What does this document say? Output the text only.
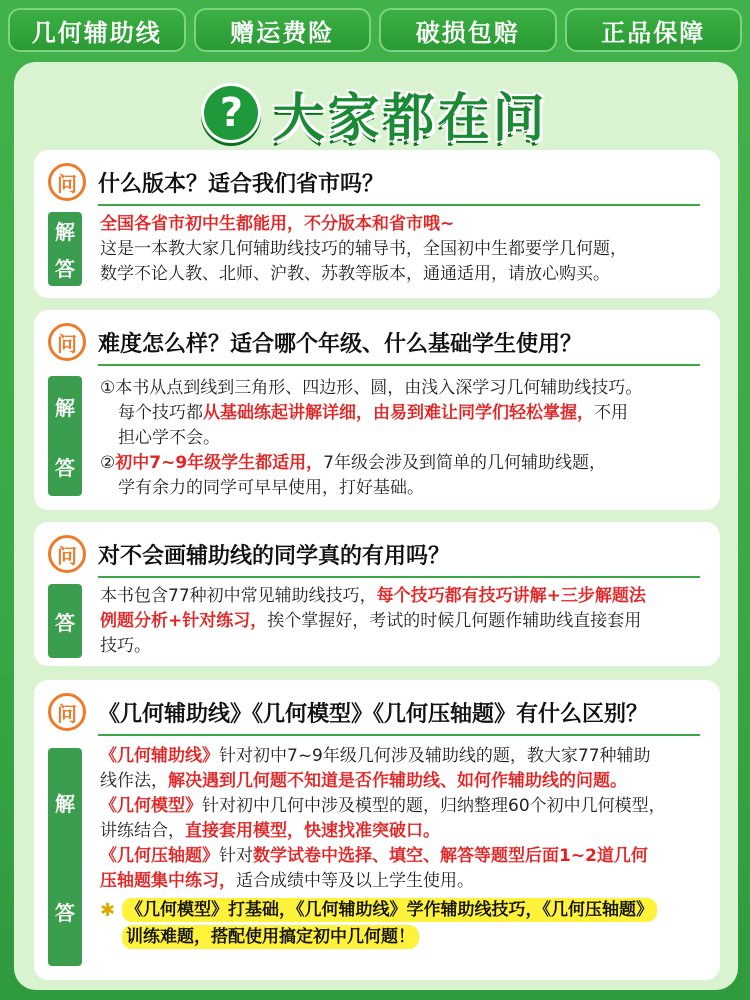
几何辅助线	赠运费险	破损包赔	正品保障
? 大家都在问
问 什么版本？适合我们省市吗？
解
答
全国各省市初中生都能用，不分版本和省市哦~
这是一本教大家几何辅助线技巧的辅导书，全国初中生都要学几何题，
数学不论人教、北师、沪教、苏教等版本，通通适用，请放心购买。
问 难度怎么样？适合哪个年级、什么基础学生使用？
解
答
①本书从点到线到三角形、四边形、圆，由浅入深学习几何辅助线技巧。
每个技巧都从基础练起讲解详细，由易到难让同学们轻松掌握，不用
担心学不会。
②初中7~9年级学生都适用，7年级会涉及到简单的几何辅助线题，
学有余力的同学可早早使用，打好基础。
问 对不会画辅助线的同学真的有用吗？
答
本书包含77种初中常见辅助线技巧，每个技巧都有技巧讲解+三步解题法
例题分析+针对练习，挨个掌握好，考试的时候几何题作辅助线直接套用
技巧。
问 《几何辅助线》《几何模型》《几何压轴题》有什么区别？
解
答
《几何辅助线》针对初中7~9年级几何涉及辅助线的题，教大家77种辅助
线作法，解决遇到几何题不知道是否作辅助线、如何作辅助线的问题。
《几何模型》针对初中几何中涉及模型的题，归纳整理60个初中几何模型，
讲练结合，直接套用模型，快速找准突破口。
《几何压轴题》针对数学试卷中选择、填空、解答等题型后面1~2道几何
压轴题集中练习，适合成绩中等及以上学生使用。
✱ 《几何模型》打基础，《几何辅助线》学作辅助线技巧，《几何压轴题》
训练难题，搭配使用搞定初中几何题！
